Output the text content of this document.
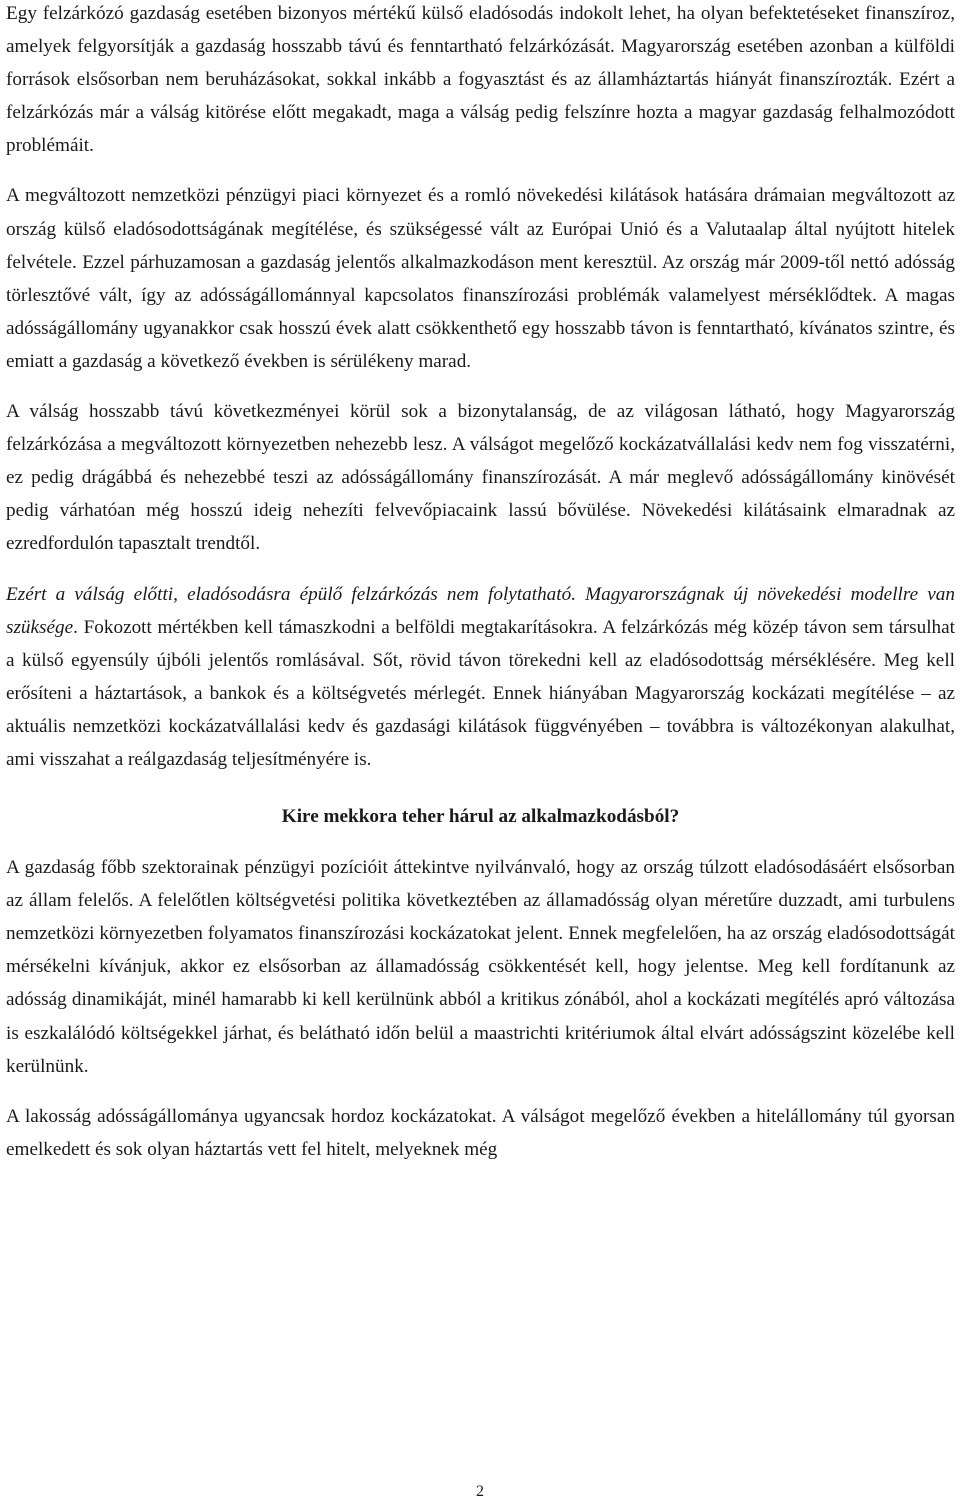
Egy felzárkózó gazdaság esetében bizonyos mértékű külső eladósodás indokolt lehet, ha olyan befektetéseket finanszíroz, amelyek felgyorsítják a gazdaság hosszabb távú és fenntartható felzárkózását. Magyarország esetében azonban a külföldi források elsősorban nem beruházásokat, sokkal inkább a fogyasztást és az államháztartás hiányát finanszírozták. Ezért a felzárkózás már a válság kitörése előtt megakadt, maga a válság pedig felszínre hozta a magyar gazdaság felhalmozódott problémáit.

A megváltozott nemzetközi pénzügyi piaci környezet és a romló növekedési kilátások hatására drámaian megváltozott az ország külső eladósodottságának megítélése, és szükségessé vált az Európai Unió és a Valutaalap által nyújtott hitelek felvétele. Ezzel párhuzamosan a gazdaság jelentős alkalmazkodáson ment keresztül. Az ország már 2009-től nettó adósság törlesztővé vált, így az adósságállománnyal kapcsolatos finanszírozási problémák valamelyest mérséklődtek. A magas adósságállomány ugyanakkor csak hosszú évek alatt csökkenthető egy hosszabb távon is fenntartható, kívánatos szintre, és emiatt a gazdaság a következő években is sérülékeny marad.

A válság hosszabb távú következményei körül sok a bizonytalanság, de az világosan látható, hogy Magyarország felzárkózása a megváltozott környezetben nehezebb lesz. A válságot megelőző kockázatvállalási kedv nem fog visszatérni, ez pedig drágábbá és nehezebbé teszi az adósságállomány finanszírozását. A már meglevő adósságállomány kinövését pedig várhatóan még hosszú ideig nehezíti felvevőpiacaink lassú bővülése. Növekedési kilátásaink elmaradnak az ezredfordulón tapasztalt trendtől.

Ezért a válság előtti, eladósodásra épülő felzárkózás nem folytatható. Magyarországnak új növekedési modellre van szüksége. Fokozott mértékben kell támaszkodni a belföldi megtakarításokra. A felzárkózás még közép távon sem társulhat a külső egyensúly újbóli jelentős romlásával. Sőt, rövid távon törekedni kell az eladósodottság mérséklésére. Meg kell erősíteni a háztartások, a bankok és a költségvetés mérlegét. Ennek hiányában Magyarország kockázati megítélése – az aktuális nemzetközi kockázatvállalási kedv és gazdasági kilátások függvényében – továbbra is változékonyan alakulhat, ami visszahat a reálgazdaság teljesítményére is.

Kire mekkora teher hárul az alkalmazkodásból?

A gazdaság főbb szektorainak pénzügyi pozícióit áttekintve nyilvánvaló, hogy az ország túlzott eladósodásáért elsősorban az állam felelős. A felelőtlen költségvetési politika következtében az államadósság olyan méretűre duzzadt, ami turbulens nemzetközi környezetben folyamatos finanszírozási kockázatokat jelent. Ennek megfelelően, ha az ország eladósodottságát mérsékelni kívánjuk, akkor ez elsősorban az államadósság csökkentését kell, hogy jelentse. Meg kell fordítanunk az adósság dinamikáját, minél hamarabb ki kell kerülnünk abból a kritikus zónából, ahol a kockázati megítélés apró változása is eszkalálódó költségekkel járhat, és belátható időn belül a maastrichti kritériumok által elvárt adósságszint közelébe kell kerülnünk.

A lakosság adósságállománya ugyancsak hordoz kockázatokat. A válságot megelőző években a hitelállomány túl gyorsan emelkedett és sok olyan háztartás vett fel hitelt, melyeknek még

2
